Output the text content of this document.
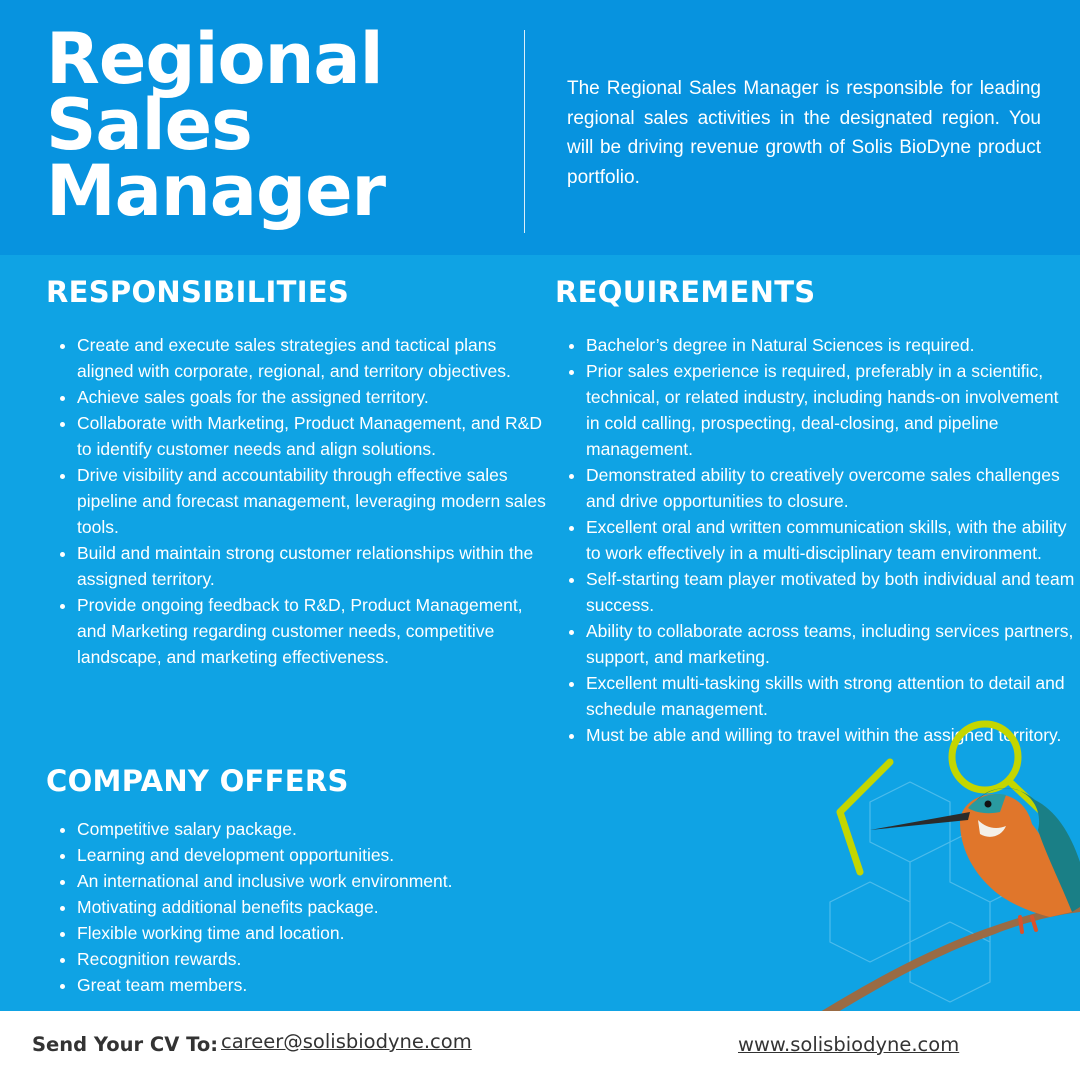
Regional
Sales
Manager

The Regional Sales Manager is responsible for leading regional sales activities in the designated region. You will be driving revenue growth of Solis BioDyne product portfolio.

RESPONSIBILITIES
• Create and execute sales strategies and tactical plans aligned with corporate, regional, and territory objectives.
• Achieve sales goals for the assigned territory.
• Collaborate with Marketing, Product Management, and R&D to identify customer needs and align solutions.
• Drive visibility and accountability through effective sales pipeline and forecast management, leveraging modern sales tools.
• Build and maintain strong customer relationships within the assigned territory.
• Provide ongoing feedback to R&D, Product Management, and Marketing regarding customer needs, competitive landscape, and marketing effectiveness.
COMPANY OFFERS
• Competitive salary package.
• Learning and development opportunities.
• An international and inclusive work environment.
• Motivating additional benefits package.
• Flexible working time and location.
• Recognition rewards.
• Great team members.
REQUIREMENTS
• Bachelor’s degree in Natural Sciences is required.
• Prior sales experience is required, preferably in a scientific, technical, or related industry, including hands-on involvement in cold calling, prospecting, deal-closing, and pipeline management.
• Demonstrated ability to creatively overcome sales challenges and drive opportunities to closure.
• Excellent oral and written communication skills, with the ability to work effectively in a multi-disciplinary team environment.
• Self-starting team player motivated by both individual and team success.
• Ability to collaborate across teams, including services partners, support, and marketing.
• Excellent multi-tasking skills with strong attention to detail and schedule management.
• Must be able and willing to travel within the assigned territory.
Send Your CV To: career@solisbiodyne.com	www.solisbiodyne.com
